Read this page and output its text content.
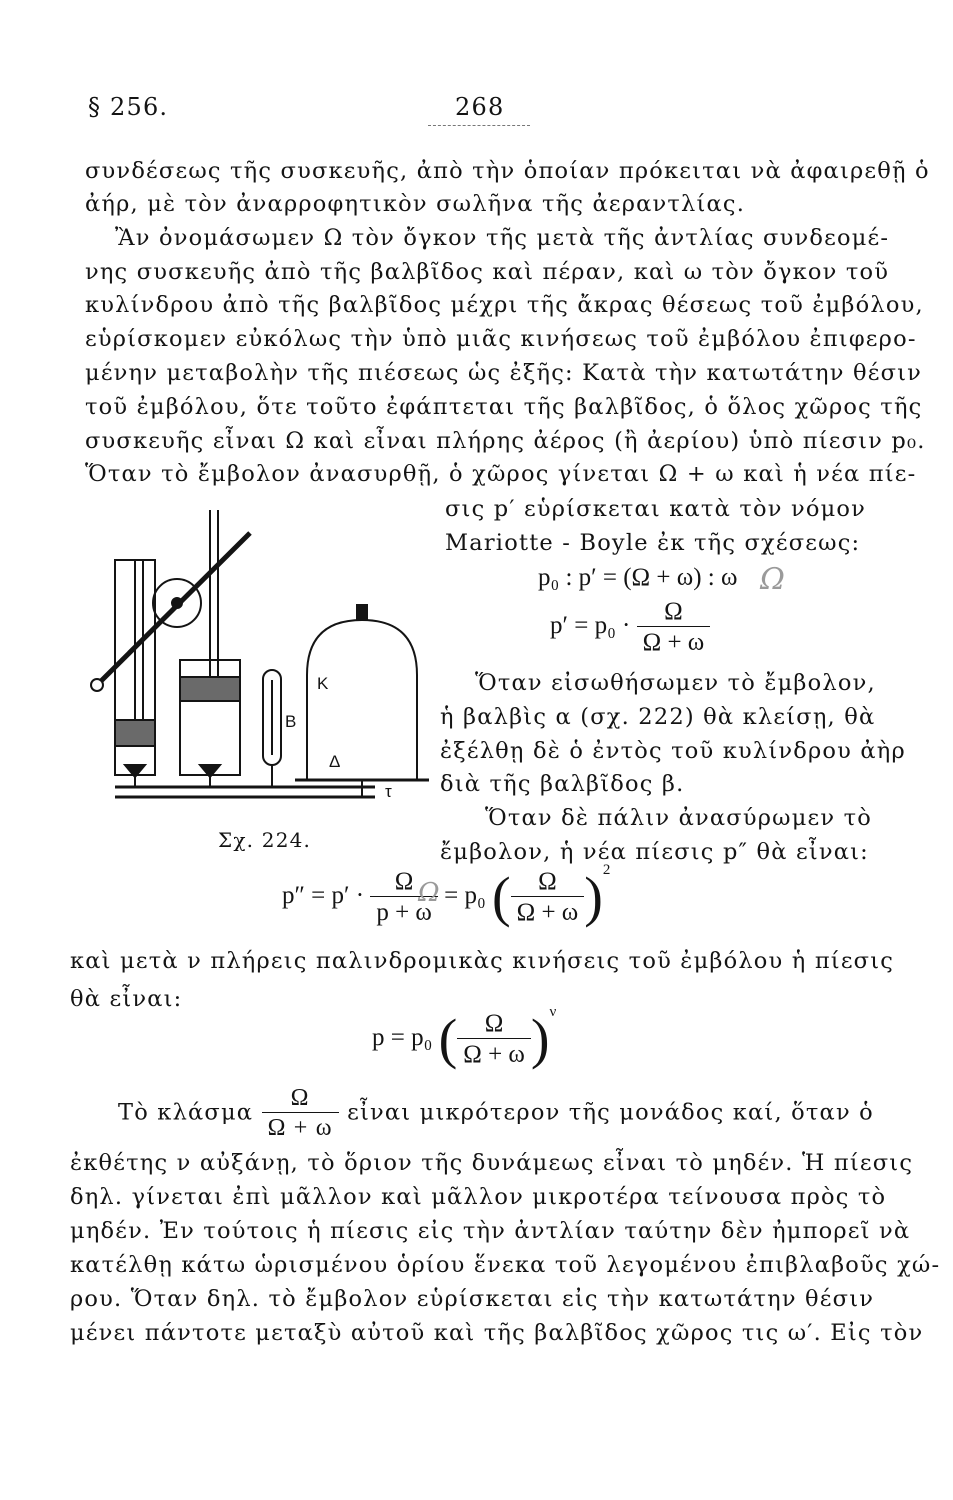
§ 256.	268
συνδέσεως τῆς συσκευῆς, ἀπὸ τὴν ὁποίαν πρόκειται νὰ ἀφαιρεθῇ ὁ
ἀήρ, μὲ τὸν ἀναρροφητικὸν σωλῆνα τῆς ἀεραντλίας.
Ἂν ὀνομάσωμεν Ω τὸν ὄγκον τῆς μετὰ τῆς ἀντλίας συνδεομέ-
νης συσκευῆς ἀπὸ τῆς βαλβῖδος καὶ πέραν, καὶ ω τὸν ὄγκον τοῦ
κυλίνδρου ἀπὸ τῆς βαλβῖδος μέχρι τῆς ἄκρας θέσεως τοῦ ἐμβόλου,
εὑρίσκομεν εὐκόλως τὴν ὑπὸ μιᾶς κινήσεως τοῦ ἐμβόλου ἐπιφερο-
μένην μεταβολὴν τῆς πιέσεως ὡς ἐξῆς: Κατὰ τὴν κατωτάτην θέσιν
τοῦ ἐμβόλου, ὅτε τοῦτο ἐφάπτεται τῆς βαλβῖδος, ὁ ὅλος χῶρος τῆς
συσκευῆς εἶναι Ω καὶ εἶναι πλήρης ἀέρος (ἢ ἀερίου) ὑπὸ πίεσιν p₀.
Ὅταν τὸ ἔμβολον ἀνασυρθῇ, ὁ χῶρος γίνεται Ω + ω καὶ ἡ νέα πίε-
σις p′ εὑρίσκεται κατὰ τὸν νόμον
Mariotte - Boyle ἐκ τῆς σχέσεως:
p₀ : p′ = (Ω + ω) : ω Ω
$p' = p_0 \cdot \frac{\Omega}{\Omega + \omega}$
Ὅταν εἰσωθήσωμεν τὸ ἔμβολον,
ἡ βαλβὶς α (σχ. 222) θὰ κλείσῃ, θὰ
ἐξέλθῃ δὲ ὁ ἐντὸς τοῦ κυλίνδρου ἀὴρ
διὰ τῆς βαλβῖδος β.
Ὅταν δὲ πάλιν ἀνασύρωμεν τὸ
ἔμβολον, ἡ νέα πίεσις p″ θὰ εἶναι:
K
B
Δ
τ
Σχ. 224.
$p'' = p' \cdot \frac{\Omega}{p + \omega} = p_0$ ( $\frac{\Omega}{\Omega + \omega} )^2$
καὶ μετὰ ν πλήρεις παλινδρομικὰς κινήσεις τοῦ ἐμβόλου ἡ πίεσις
θὰ εἶναι:
p = p₀ ( $\frac{\Omega}{\Omega + \omega} )^\nu$
Τὸ κλάσμα $\frac{\Omega}{\Omega + \omega}$ εἶναι μικρότερον τῆς μονάδος καί, ὅταν ὁ
ἐκθέτης ν αὐξάνῃ, τὸ ὅριον τῆς δυνάμεως εἶναι τὸ μηδέν. Ἡ πίεσις
δηλ. γίνεται ἐπὶ μᾶλλον καὶ μᾶλλον μικροτέρα τείνουσα πρὸς τὸ
μηδέν. Ἐν τούτοις ἡ πίεσις εἰς τὴν ἀντλίαν ταύτην δὲν ἠμπορεῖ νὰ
κατέλθῃ κάτω ὡρισμένου ὁρίου ἕνεκα τοῦ λεγομένου ἐπιβλαβοῦς χώ-
ρου. Ὅταν δηλ. τὸ ἔμβολον εὑρίσκεται εἰς τὴν κατωτάτην θέσιν
μένει πάντοτε μεταξὺ αὐτοῦ καὶ τῆς βαλβῖδος χῶρος τις ω′. Εἰς τὸν
Ω
